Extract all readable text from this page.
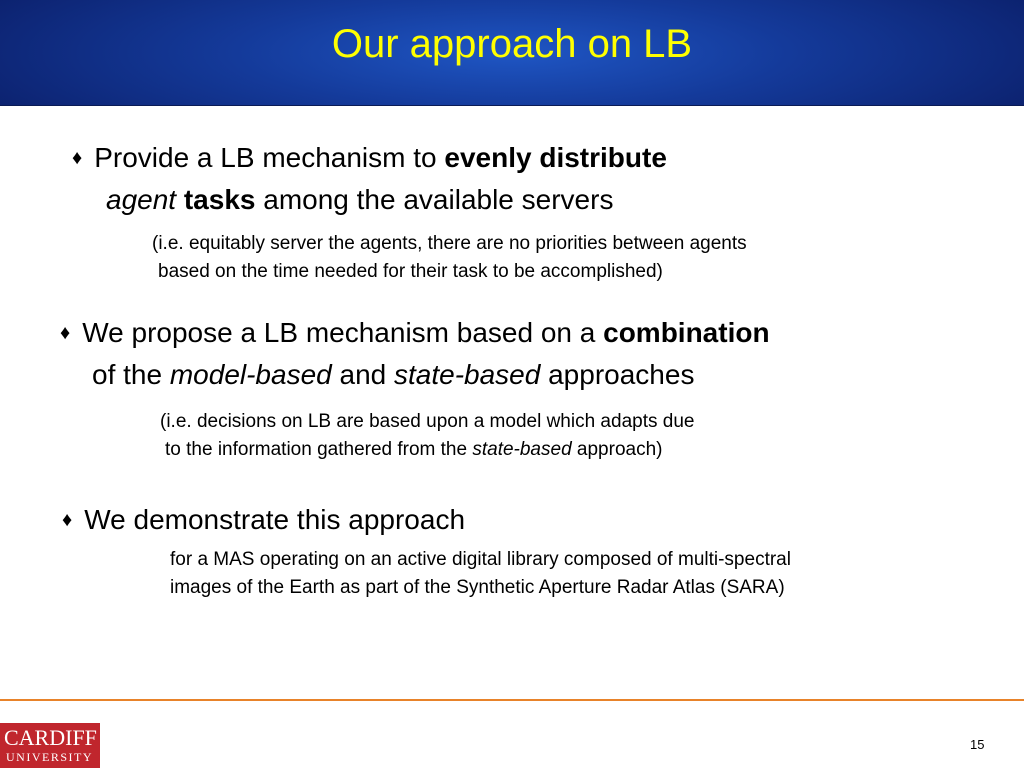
Our approach on LB
♦ Provide a LB mechanism to evenly distribute
agent tasks among the available servers
(i.e. equitably server the agents, there are no priorities between agents
based on the time needed for their task to be accomplished)
♦ We propose a LB mechanism based on a combination
of the model-based and state-based approaches
(i.e. decisions on LB are based upon a model which adapts due
to the information gathered from the state-based approach)
♦ We demonstrate this approach
for a MAS operating on an active digital library composed of multi-spectral
images of the Earth as part of the Synthetic Aperture Radar Atlas (SARA)
CARDIFF
UNIVERSITY
15
